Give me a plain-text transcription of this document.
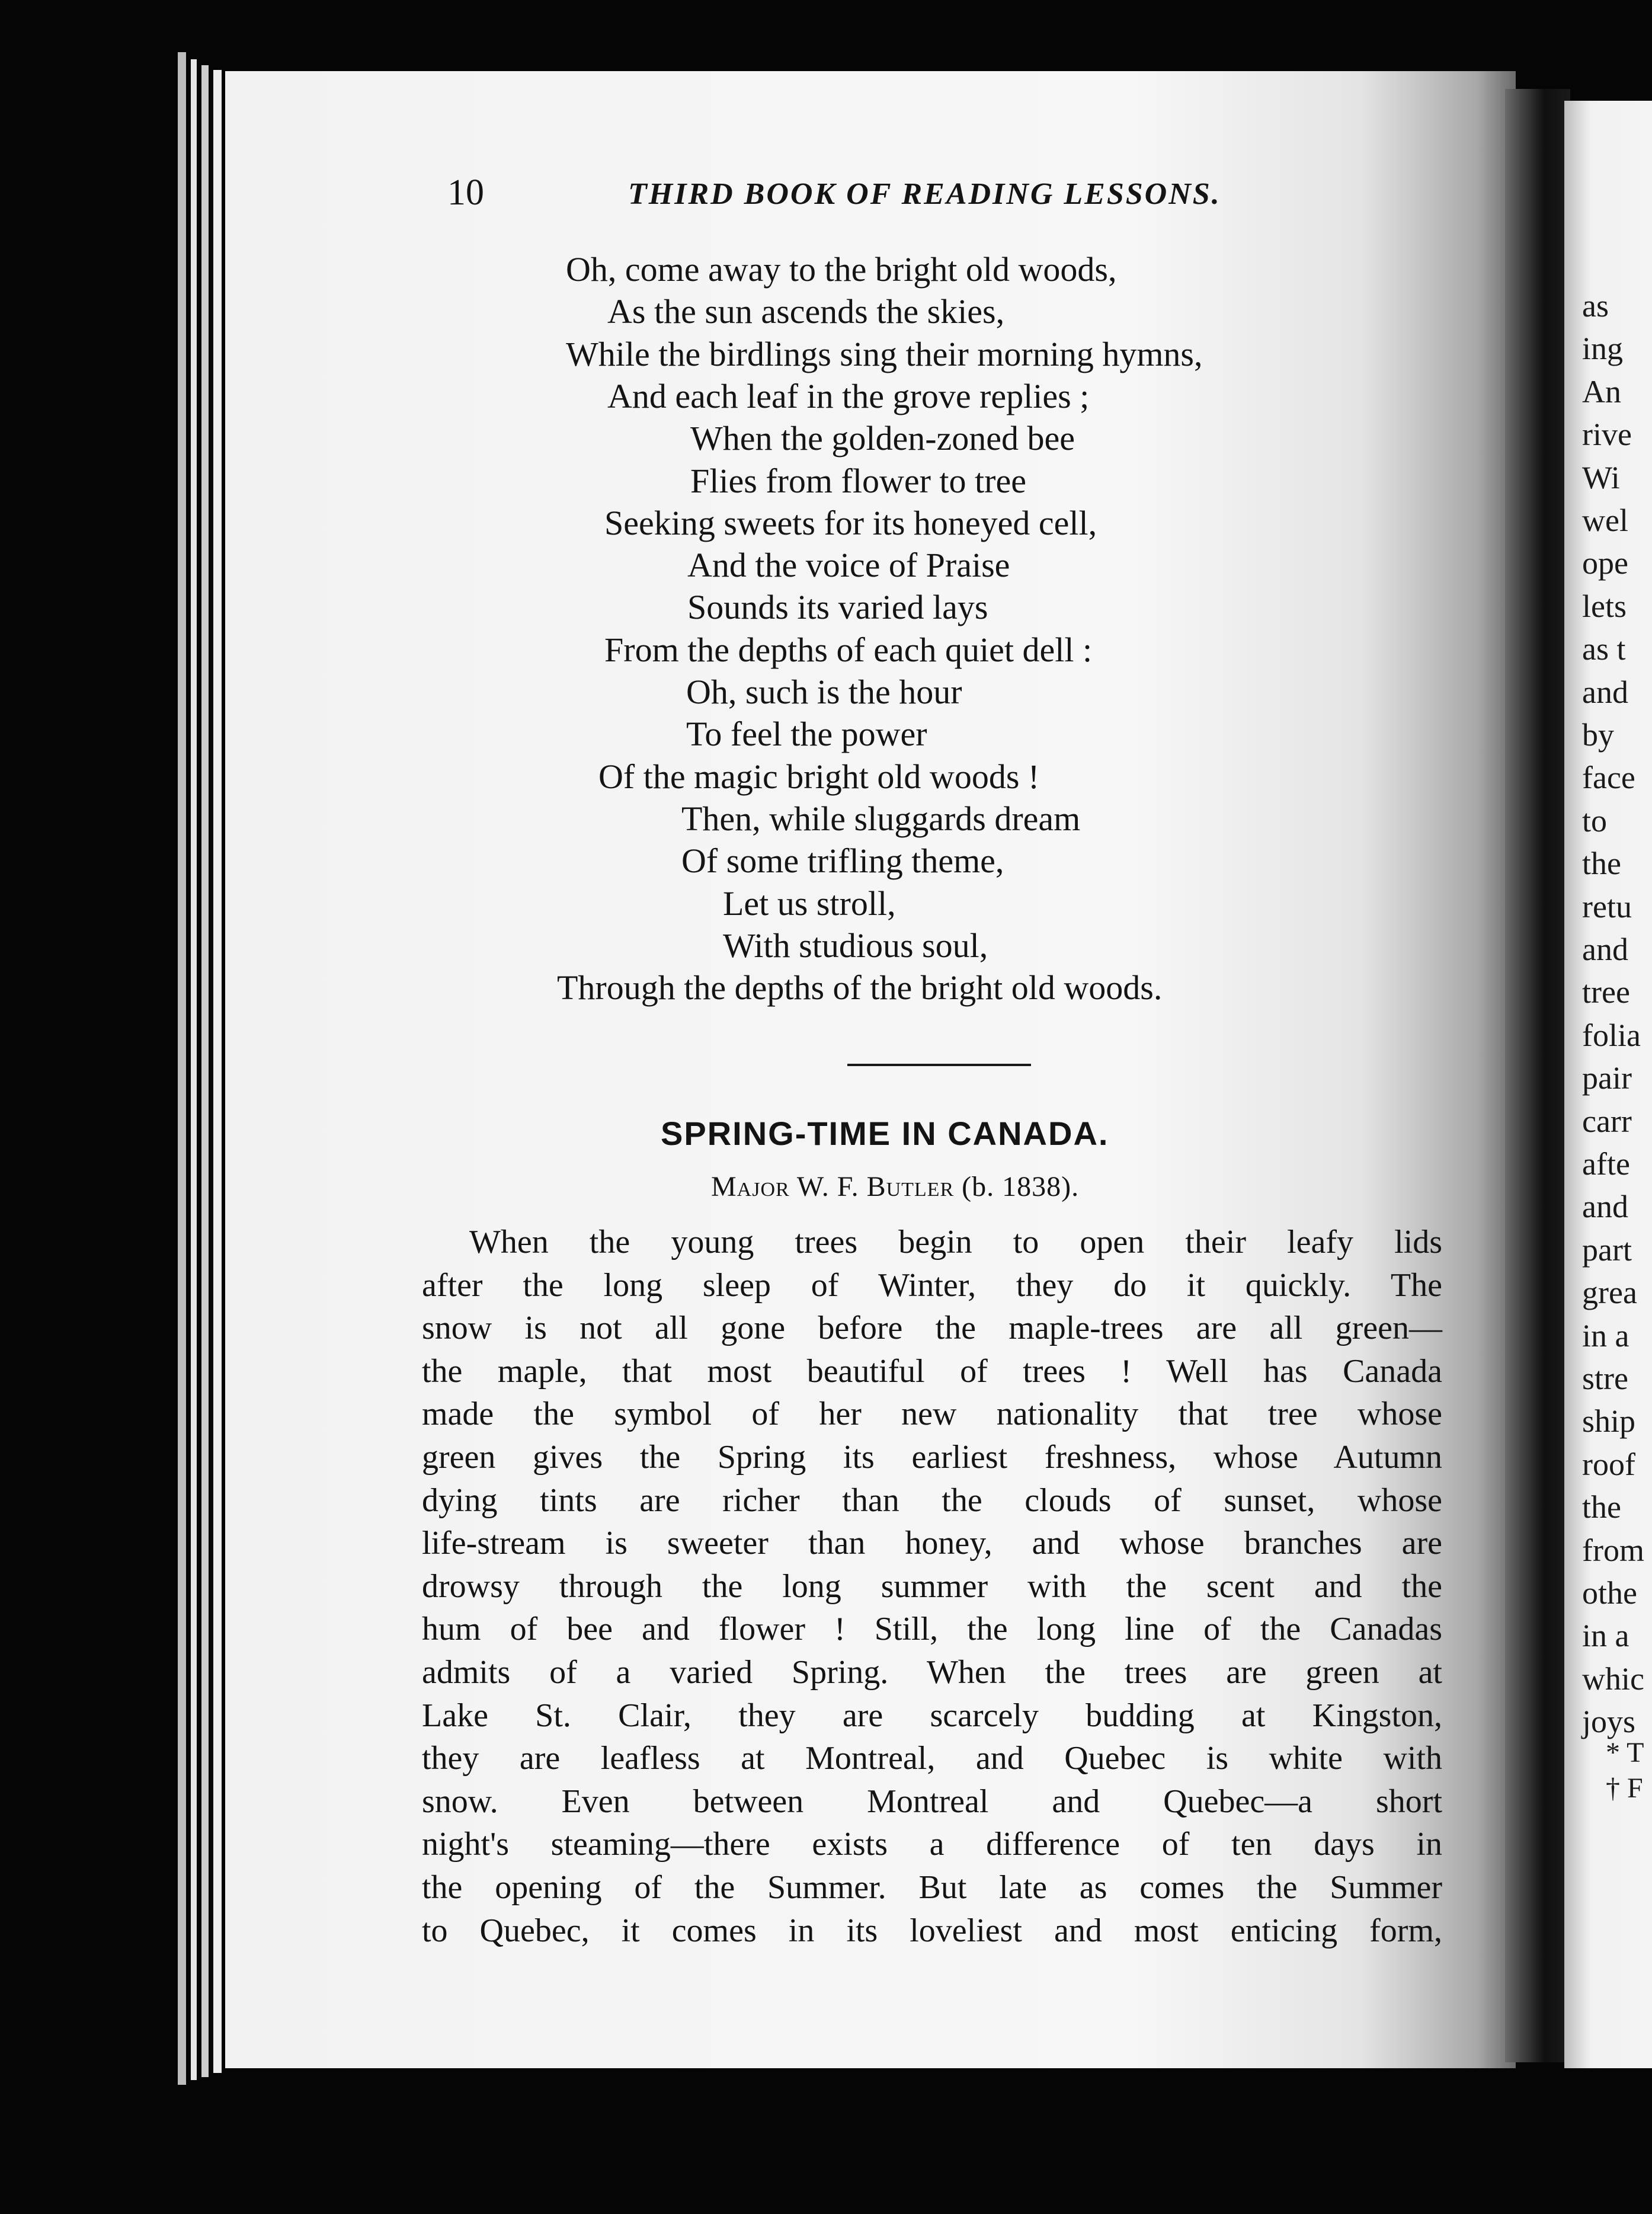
as
ing
An
rive
Wi
wel
ope
lets
as t
and
by
face
to
the
retu
and
tree
folia
pair
carr
afte
and
part
grea
in a
stre
ship
roof
the
from
othe
in a
whic
joys
* T
† F
10	THIRD BOOK OF READING LESSONS.
Oh, come away to the bright old woods,
As the sun ascends the skies,
While the birdlings sing their morning hymns,
And each leaf in the grove replies ;
When the golden-zoned bee
Flies from flower to tree
Seeking sweets for its honeyed cell,
And the voice of Praise
Sounds its varied lays
From the depths of each quiet dell :
Oh, such is the hour
To feel the power
Of the magic bright old woods !
Then, while sluggards dream
Of some trifling theme,
Let us stroll,
With studious soul,
Through the depths of the bright old woods.
SPRING-TIME IN CANADA.
Major W. F. Butler (b. 1838).
When the young trees begin to open their leafy lids
after the long sleep of Winter, they do it quickly. The
snow is not all gone before the maple-trees are all green—
the maple, that most beautiful of trees ! Well has Canada
made the symbol of her new nationality that tree whose
green gives the Spring its earliest freshness, whose Autumn
dying tints are richer than the clouds of sunset, whose
life-stream is sweeter than honey, and whose branches are
drowsy through the long summer with the scent and the
hum of bee and flower ! Still, the long line of the Canadas
admits of a varied Spring. When the trees are green at
Lake St. Clair, they are scarcely budding at Kingston,
they are leafless at Montreal, and Quebec is white with
snow. Even between Montreal and Quebec—a short
night's steaming—there exists a difference of ten days in
the opening of the Summer. But late as comes the Summer
to Quebec, it comes in its loveliest and most enticing form,
